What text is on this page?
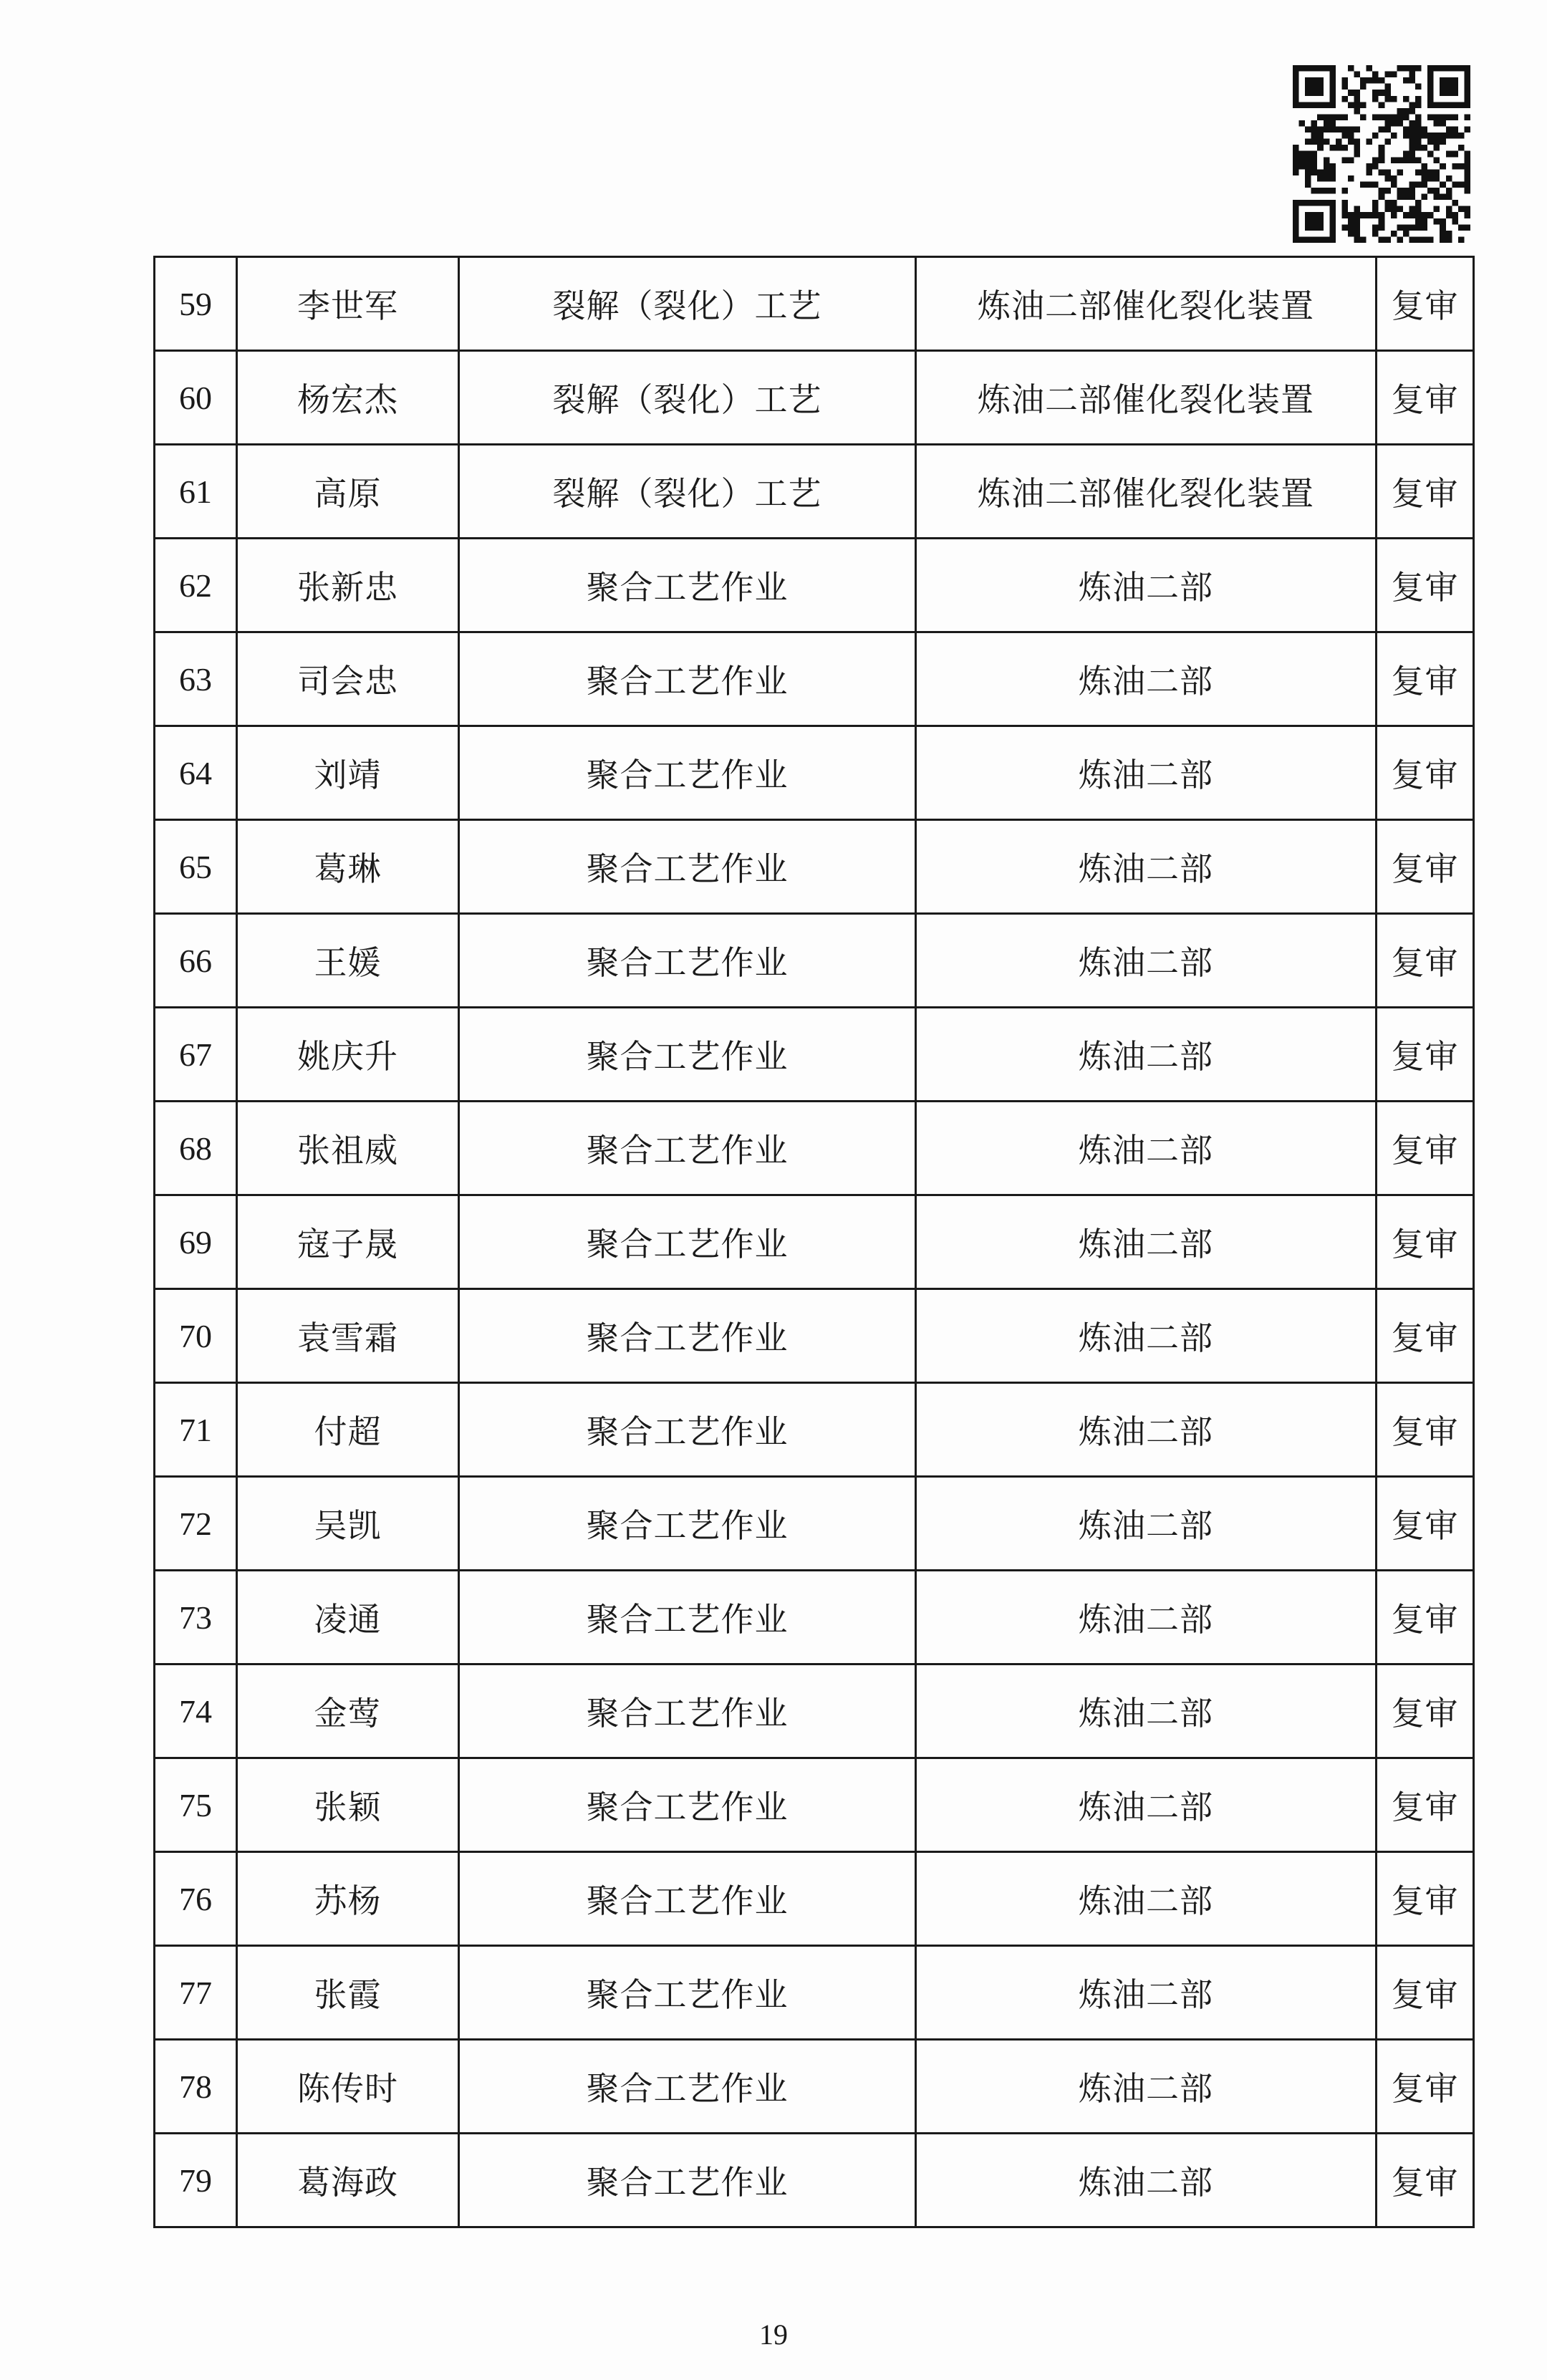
59	李世军	裂解（裂化）工艺	炼油二部催化裂化装置	复审
60	杨宏杰	裂解（裂化）工艺	炼油二部催化裂化装置	复审
61	高原	裂解（裂化）工艺	炼油二部催化裂化装置	复审
62	张新忠	聚合工艺作业	炼油二部	复审
63	司会忠	聚合工艺作业	炼油二部	复审
64	刘靖	聚合工艺作业	炼油二部	复审
65	葛琳	聚合工艺作业	炼油二部	复审
66	王媛	聚合工艺作业	炼油二部	复审
67	姚庆升	聚合工艺作业	炼油二部	复审
68	张祖威	聚合工艺作业	炼油二部	复审
69	寇子晟	聚合工艺作业	炼油二部	复审
70	袁雪霜	聚合工艺作业	炼油二部	复审
71	付超	聚合工艺作业	炼油二部	复审
72	吴凯	聚合工艺作业	炼油二部	复审
73	凌通	聚合工艺作业	炼油二部	复审
74	金莺	聚合工艺作业	炼油二部	复审
75	张颖	聚合工艺作业	炼油二部	复审
76	苏杨	聚合工艺作业	炼油二部	复审
77	张霞	聚合工艺作业	炼油二部	复审
78	陈传时	聚合工艺作业	炼油二部	复审
79	葛海政	聚合工艺作业	炼油二部	复审
19
